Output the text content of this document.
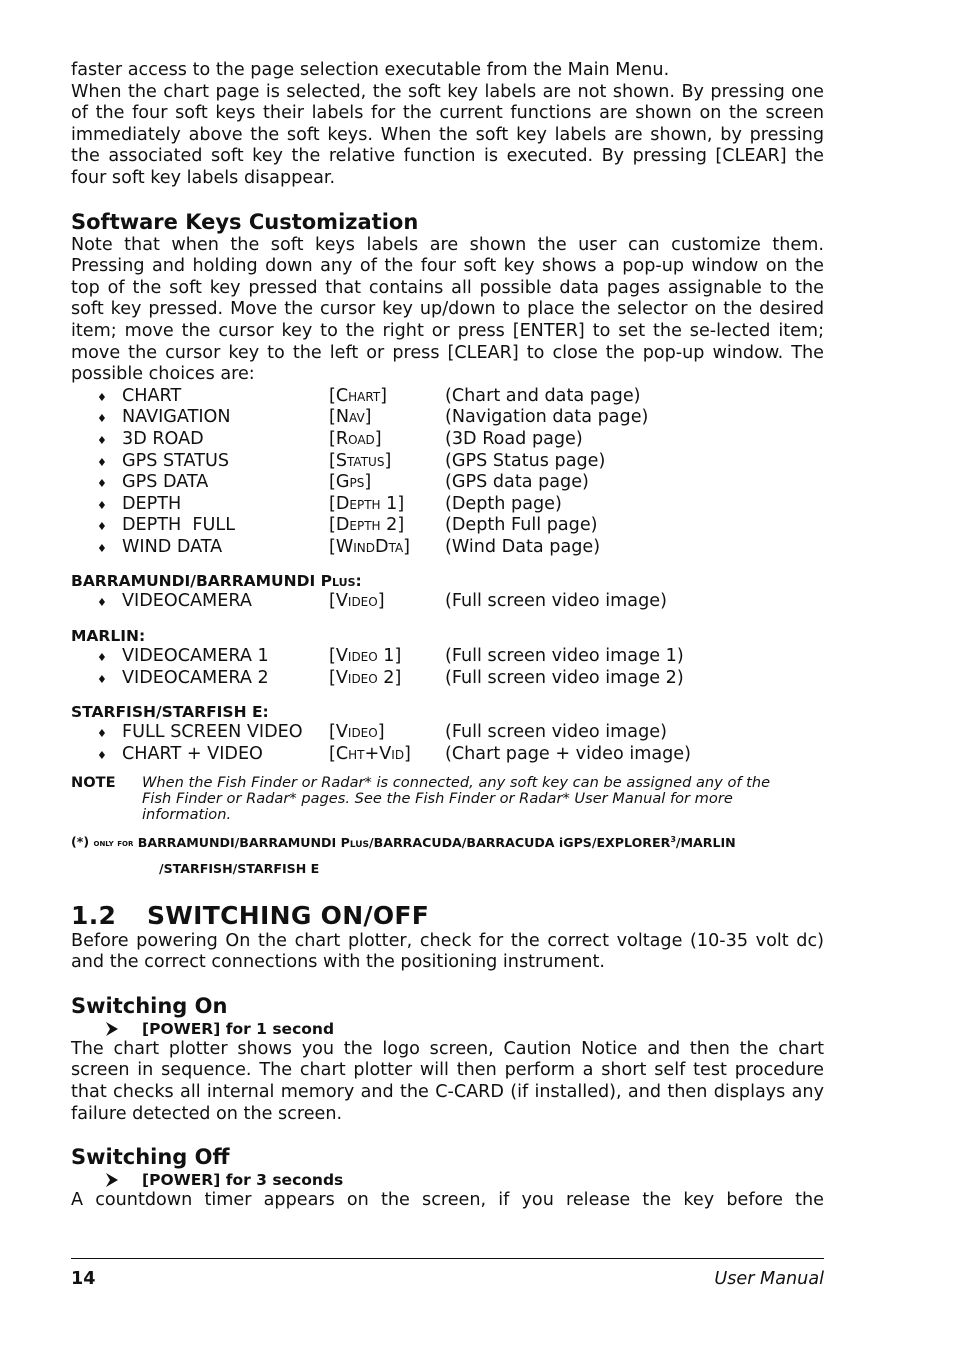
faster access to the page selection executable from the Main Menu.

When the chart page is selected, the soft key labels are not shown. By pressing one of the four soft keys their labels for the current functions are shown on the screen immediately above the soft keys. When the soft key labels are shown, by pressing the associated soft key the relative function is executed. By pressing [CLEAR] the four soft key labels disappear.

Software Keys Customization

Note that when the soft keys labels are shown the user can customize them. Pressing and holding down any of the four soft key shows a pop-up window on the top of the soft key pressed that contains all possible data pages assignable to the soft key pressed. Move the cursor key up/down to place the selector on the desired item; move the cursor key to the right or press [ENTER] to set the se-lected item; move the cursor key to the left or press [CLEAR] to close the pop-up window. The possible choices are:

♦ CHART	[Chart]	(Chart and data page)
♦ NAVIGATION	[Nav]	(Navigation data page)
♦ 3D ROAD	[Road]	(3D Road page)
♦ GPS STATUS	[Status]	(GPS Status page)
♦ GPS DATA	[Gps]	(GPS data page)
♦ DEPTH	[Depth 1]	(Depth page)
♦ DEPTH  FULL	[Depth 2]	(Depth Full page)
♦ WIND DATA	[WindDta]	(Wind Data page)

BARRAMUNDI/BARRAMUNDI Plus:

♦ VIDEOCAMERA	[Video]	(Full screen video image)

MARLIN:

♦ VIDEOCAMERA 1	[Video 1]	(Full screen video image 1)
♦ VIDEOCAMERA 2	[Video 2]	(Full screen video image 2)

STARFISH/STARFISH E:

♦ FULL SCREEN VIDEO	[Video]	(Full screen video image)
♦ CHART + VIDEO	[Cht+Vid]	(Chart page + video image)
NOTE	When the Fish Finder or Radar* is connected, any soft key can be assigned any of the Fish Finder or Radar* pages. See the Fish Finder or Radar* User Manual for more information.

(*) only for BARRAMUNDI/BARRAMUNDI Plus/BARRACUDA/BARRACUDA iGPS/EXPLORER$^3$/MARLIN

/STARFISH/STARFISH E

1.2 SWITCHING ON/OFF

Before powering On the chart plotter, check for the correct voltage (10-35 volt dc) and the correct connections with the positioning instrument.

Switching On

[POWER] for 1 second

The chart plotter shows you the logo screen, Caution Notice and then the chart screen in sequence. The chart plotter will then perform a short self test procedure that checks all internal memory and the C-CARD (if installed), and then displays any failure detected on the screen.

Switching Off

[POWER] for 3 seconds

A countdown timer appears on the screen, if you release the key before the

14	User Manual
